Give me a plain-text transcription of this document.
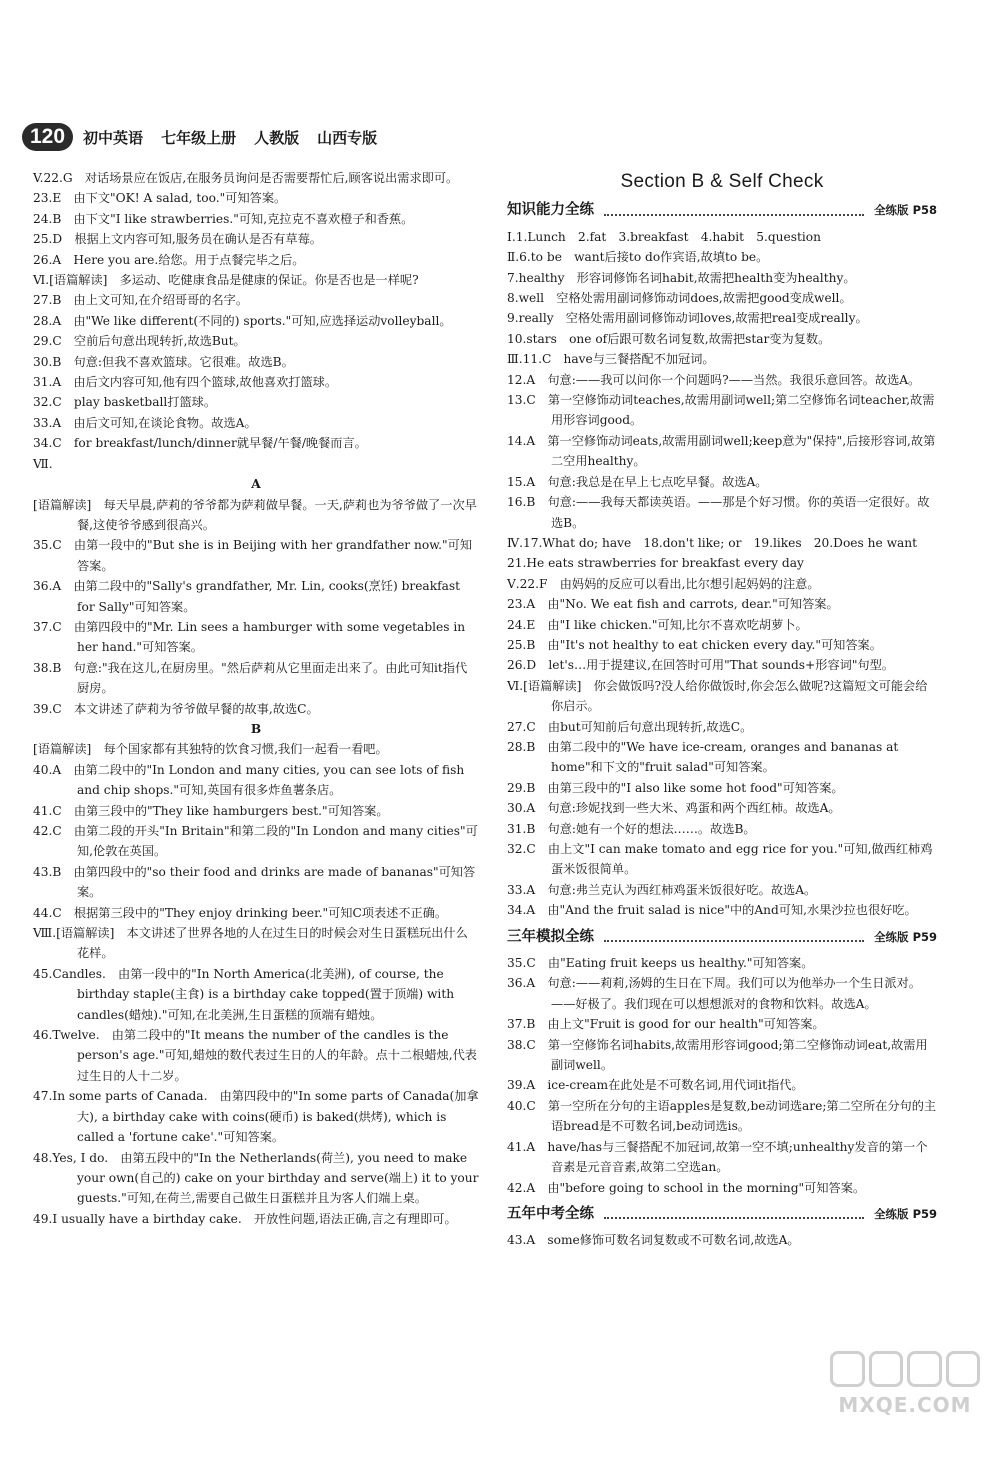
120	初中英语 七年级上册 人教版 山西专版

V.22.G　对话场景应在饭店,在服务员询问是否需要帮忙后,顾客说出需求即可。

23.E　由下文"OK! A salad, too."可知答案。

24.B　由下文"I like strawberries."可知,克拉克不喜欢橙子和香蕉。

25.D　根据上文内容可知,服务员在确认是否有草莓。

26.A　Here you are.给您。用于点餐完毕之后。

Ⅵ.[语篇解读]　多运动、吃健康食品是健康的保证。你是否也是一样呢?

27.B　由上文可知,在介绍哥哥的名字。

28.A　由"We like different(不同的) sports."可知,应选择运动volleyball。

29.C　空前后句意出现转折,故选But。

30.B　句意:但我不喜欢篮球。它很难。故选B。

31.A　由后文内容可知,他有四个篮球,故他喜欢打篮球。

32.C　play basketball打篮球。

33.A　由后文可知,在谈论食物。故选A。

34.C　for breakfast/lunch/dinner就早餐/午餐/晚餐而言。

Ⅶ.

A

[语篇解读]　每天早晨,萨莉的爷爷都为萨莉做早餐。一天,萨莉也为爷爷做了一次早餐,这使爷爷感到很高兴。

35.C　由第一段中的"But she is in Beijing with her grandfather now."可知答案。

36.A　由第二段中的"Sally's grandfather, Mr. Lin, cooks(烹饪) breakfast for Sally"可知答案。

37.C　由第四段中的"Mr. Lin sees a hamburger with some vegetables in her hand."可知答案。

38.B　句意:"我在这儿,在厨房里。"然后萨莉从它里面走出来了。由此可知it指代厨房。

39.C　本文讲述了萨莉为爷爷做早餐的故事,故选C。

B

[语篇解读]　每个国家都有其独特的饮食习惯,我们一起看一看吧。

40.A　由第二段中的"In London and many cities, you can see lots of fish and chip shops."可知,英国有很多炸鱼薯条店。

41.C　由第三段中的"They like hamburgers best."可知答案。

42.C　由第二段的开头"In Britain"和第二段的"In London and many cities"可知,伦敦在英国。

43.B　由第四段中的"so their food and drinks are made of bananas"可知答案。

44.C　根据第三段中的"They enjoy drinking beer."可知C项表述不正确。

Ⅷ.[语篇解读]　本文讲述了世界各地的人在过生日的时候会对生日蛋糕玩出什么花样。

45.Candles.　由第一段中的"In North America(北美洲), of course, the birthday staple(主食) is a birthday cake topped(置于顶端) with candles(蜡烛)."可知,在北美洲,生日蛋糕的顶端有蜡烛。

46.Twelve.　由第二段中的"It means the number of the candles is the person's age."可知,蜡烛的数代表过生日的人的年龄。点十二根蜡烛,代表过生日的人十二岁。

47.In some parts of Canada.　由第四段中的"In some parts of Canada(加拿大), a birthday cake with coins(硬币) is baked(烘烤), which is called a 'fortune cake'."可知答案。

48.Yes, I do.　由第五段中的"In the Netherlands(荷兰), you need to make your own(自己的) cake on your birthday and serve(端上) it to your guests."可知,在荷兰,需要自己做生日蛋糕并且为客人们端上桌。

49.I usually have a birthday cake.　开放性问题,语法正确,言之有理即可。

Section B & Self Check
知识能力全练	全练版 P58

Ⅰ.1.Lunch　2.fat　3.breakfast　4.habit　5.question

Ⅱ.6.to be　want后接to do作宾语,故填to be。

7.healthy　形容词修饰名词habit,故需把health变为healthy。

8.well　空格处需用副词修饰动词does,故需把good变成well。

9.really　空格处需用副词修饰动词loves,故需把real变成really。

10.stars　one of后跟可数名词复数,故需把star变为复数。

Ⅲ.11.C　have与三餐搭配不加冠词。

12.A　句意:——我可以问你一个问题吗?——当然。我很乐意回答。故选A。

13.C　第一空修饰动词teaches,故需用副词well;第二空修饰名词teacher,故需用形容词good。

14.A　第一空修饰动词eats,故需用副词well;keep意为"保持",后接形容词,故第二空用healthy。

15.A　句意:我总是在早上七点吃早餐。故选A。

16.B　句意:——我每天都读英语。——那是个好习惯。你的英语一定很好。故选B。

Ⅳ.17.What do; have　18.don't like; or　19.likes　20.Does he want

21.He eats strawberries for breakfast every day

Ⅴ.22.F　由妈妈的反应可以看出,比尔想引起妈妈的注意。

23.A　由"No. We eat fish and carrots, dear."可知答案。

24.E　由"I like chicken."可知,比尔不喜欢吃胡萝卜。

25.B　由"It's not healthy to eat chicken every day."可知答案。

26.D　let's…用于提建议,在回答时可用"That sounds+形容词"句型。

Ⅵ.[语篇解读]　你会做饭吗?没人给你做饭时,你会怎么做呢?这篇短文可能会给你启示。

27.C　由but可知前后句意出现转折,故选C。

28.B　由第二段中的"We have ice-cream, oranges and bananas at home"和下文的"fruit salad"可知答案。

29.B　由第三段中的"I also like some hot food"可知答案。

30.A　句意:珍妮找到一些大米、鸡蛋和两个西红柿。故选A。

31.B　句意:她有一个好的想法……。故选B。

32.C　由上文"I can make tomato and egg rice for you."可知,做西红柿鸡蛋米饭很简单。

33.A　句意:弗兰克认为西红柿鸡蛋米饭很好吃。故选A。

34.A　由"And the fruit salad is nice"中的And可知,水果沙拉也很好吃。

三年模拟全练	全练版 P59

35.C　由"Eating fruit keeps us healthy."可知答案。

36.A　句意:——莉莉,汤姆的生日在下周。我们可以为他举办一个生日派对。——好极了。我们现在可以想想派对的食物和饮料。故选A。

37.B　由上文"Fruit is good for our health"可知答案。

38.C　第一空修饰名词habits,故需用形容词good;第二空修饰动词eat,故需用副词well。

39.A　ice-cream在此处是不可数名词,用代词it指代。

40.C　第一空所在分句的主语apples是复数,be动词选are;第二空所在分句的主语bread是不可数名词,be动词选is。

41.A　have/has与三餐搭配不加冠词,故第一空不填;unhealthy发音的第一个音素是元音音素,故第二空选an。

42.A　由"before going to school in the morning"可知答案。

五年中考全练	全练版 P59

43.A　some修饰可数名词复数或不可数名词,故选A。

MXQE.COM
